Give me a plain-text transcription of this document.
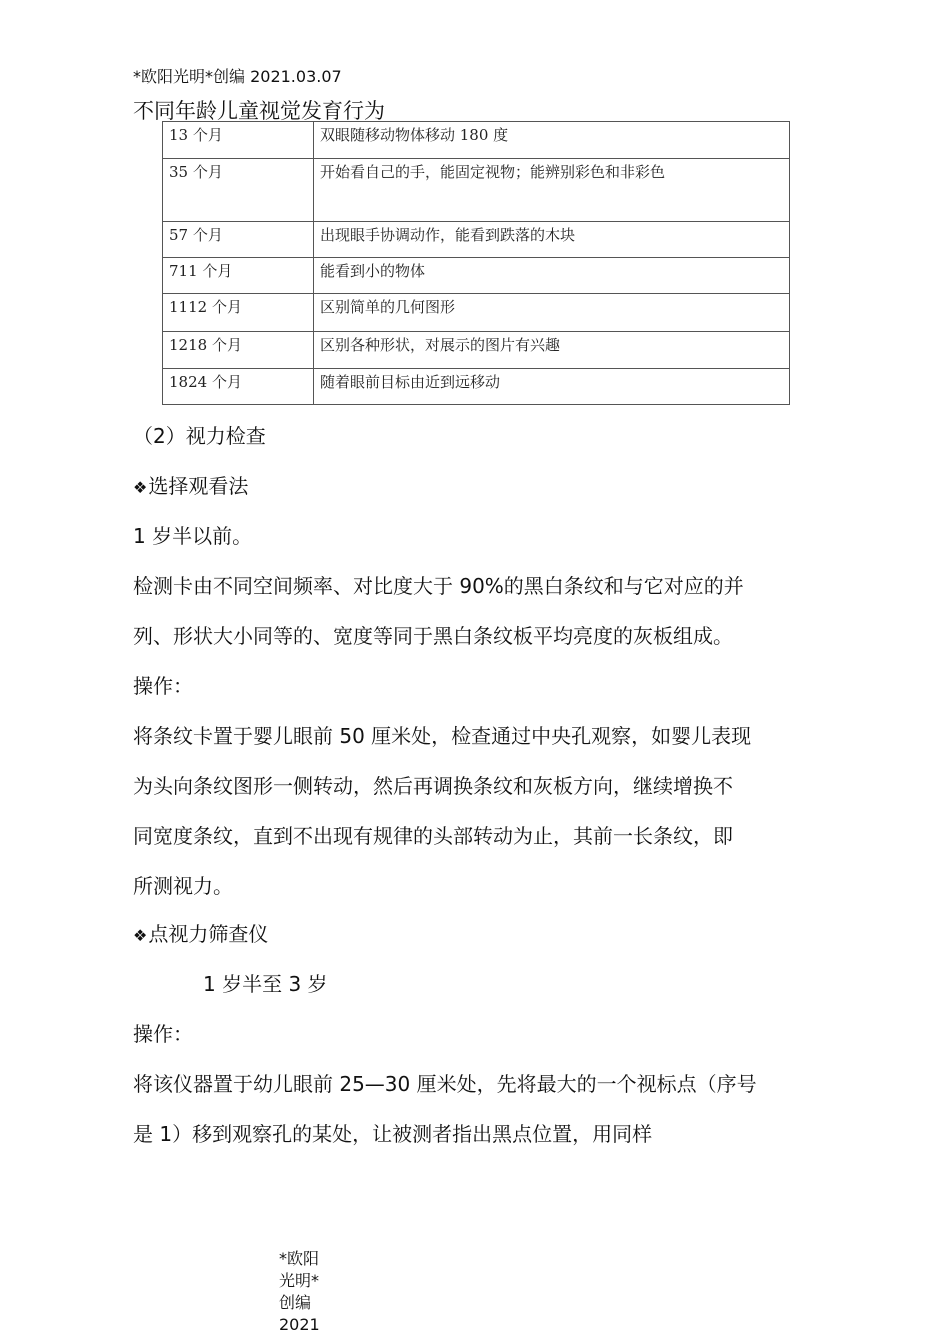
*欧阳光明*创编 2021.03.07
不同年龄儿童视觉发育行为
13 个月	双眼随移动物体移动 180 度
35 个月	开始看自己的手，能固定视物；能辨别彩色和非彩色
57 个月	出现眼手协调动作，能看到跌落的木块
711 个月	能看到小的物体
1112 个月	区别简单的几何图形
1218 个月	区别各种形状，对展示的图片有兴趣
1824 个月	随着眼前目标由近到远移动
（2）视力检查
❖选择观看法
1 岁半以前。
检测卡由不同空间频率、对比度大于 90%的黑白条纹和与它对应的并
列、形状大小同等的、宽度等同于黑白条纹板平均亮度的灰板组成。
操作：
将条纹卡置于婴儿眼前 50 厘米处，检查通过中央孔观察，如婴儿表现
为头向条纹图形一侧转动，然后再调换条纹和灰板方向，继续增换不
同宽度条纹，直到不出现有规律的头部转动为止，其前一长条纹，即
所测视力。
❖点视力筛查仪
1 岁半至 3 岁
操作：
将该仪器置于幼儿眼前 25—30 厘米处，先将最大的一个视标点（序号
是 1）移到观察孔的某处，让被测者指出黑点位置，用同样
*欧阳光明*创编 2021
